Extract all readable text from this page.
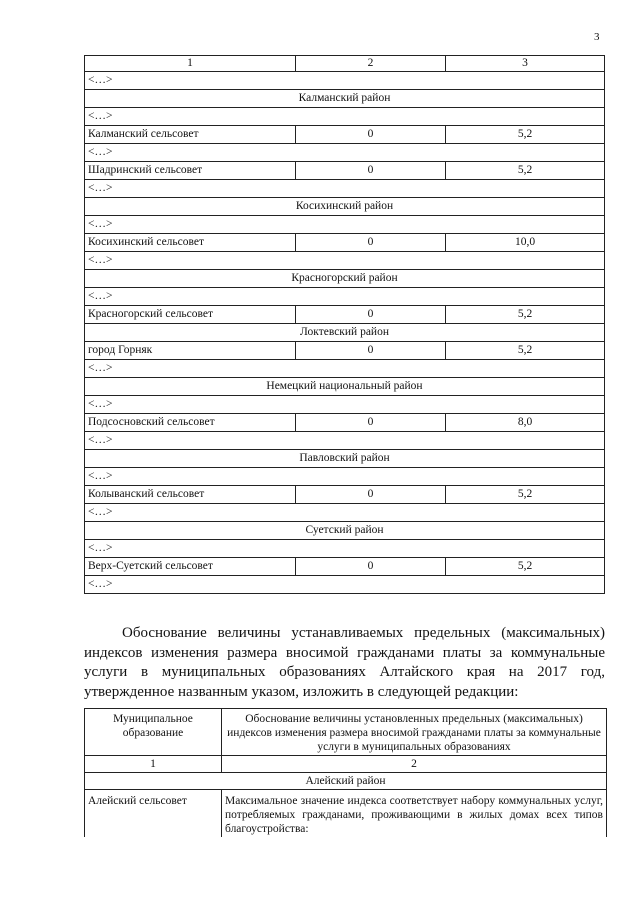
3
1	2	3
<…>		
Калманский район		
<…>		
Калманский сельсовет	0	5,2
<…>		
Шадринский сельсовет	0	5,2
<…>		
Косихинский район		
<…>		
Косихинский сельсовет	0	10,0
<…>		
Красногорский район		
<…>		
Красногорский сельсовет	0	5,2
Локтевский район		
город Горняк	0	5,2
<…>		
Немецкий национальный район		
<…>		
Подсосновский сельсовет	0	8,0
<…>		
Павловский район		
<…>		
Колыванский сельсовет	0	5,2
<…>		
Суетский район		
<…>		
Верх-Суетский сельсовет	0	5,2
<…>		

Обоснование величины устанавливаемых предельных (максимальных) индексов изменения размера вносимой гражданами платы за коммунальные услуги в муниципальных образованиях Алтайского края на 2017 год, утвержденное названным указом, изложить в следующей редакции:

Муниципальное образование	Обоснование величины установленных предельных (максимальных) индексов изменения размера вносимой гражданами платы за коммунальные услуги в муниципальных образованиях
1	2
Алейский район	
Алейский сельсовет	Максимальное значение индекса соответствует набору коммунальных услуг, потребляемых гражданами, проживающими в жилых домах всех типов благоустройства:
